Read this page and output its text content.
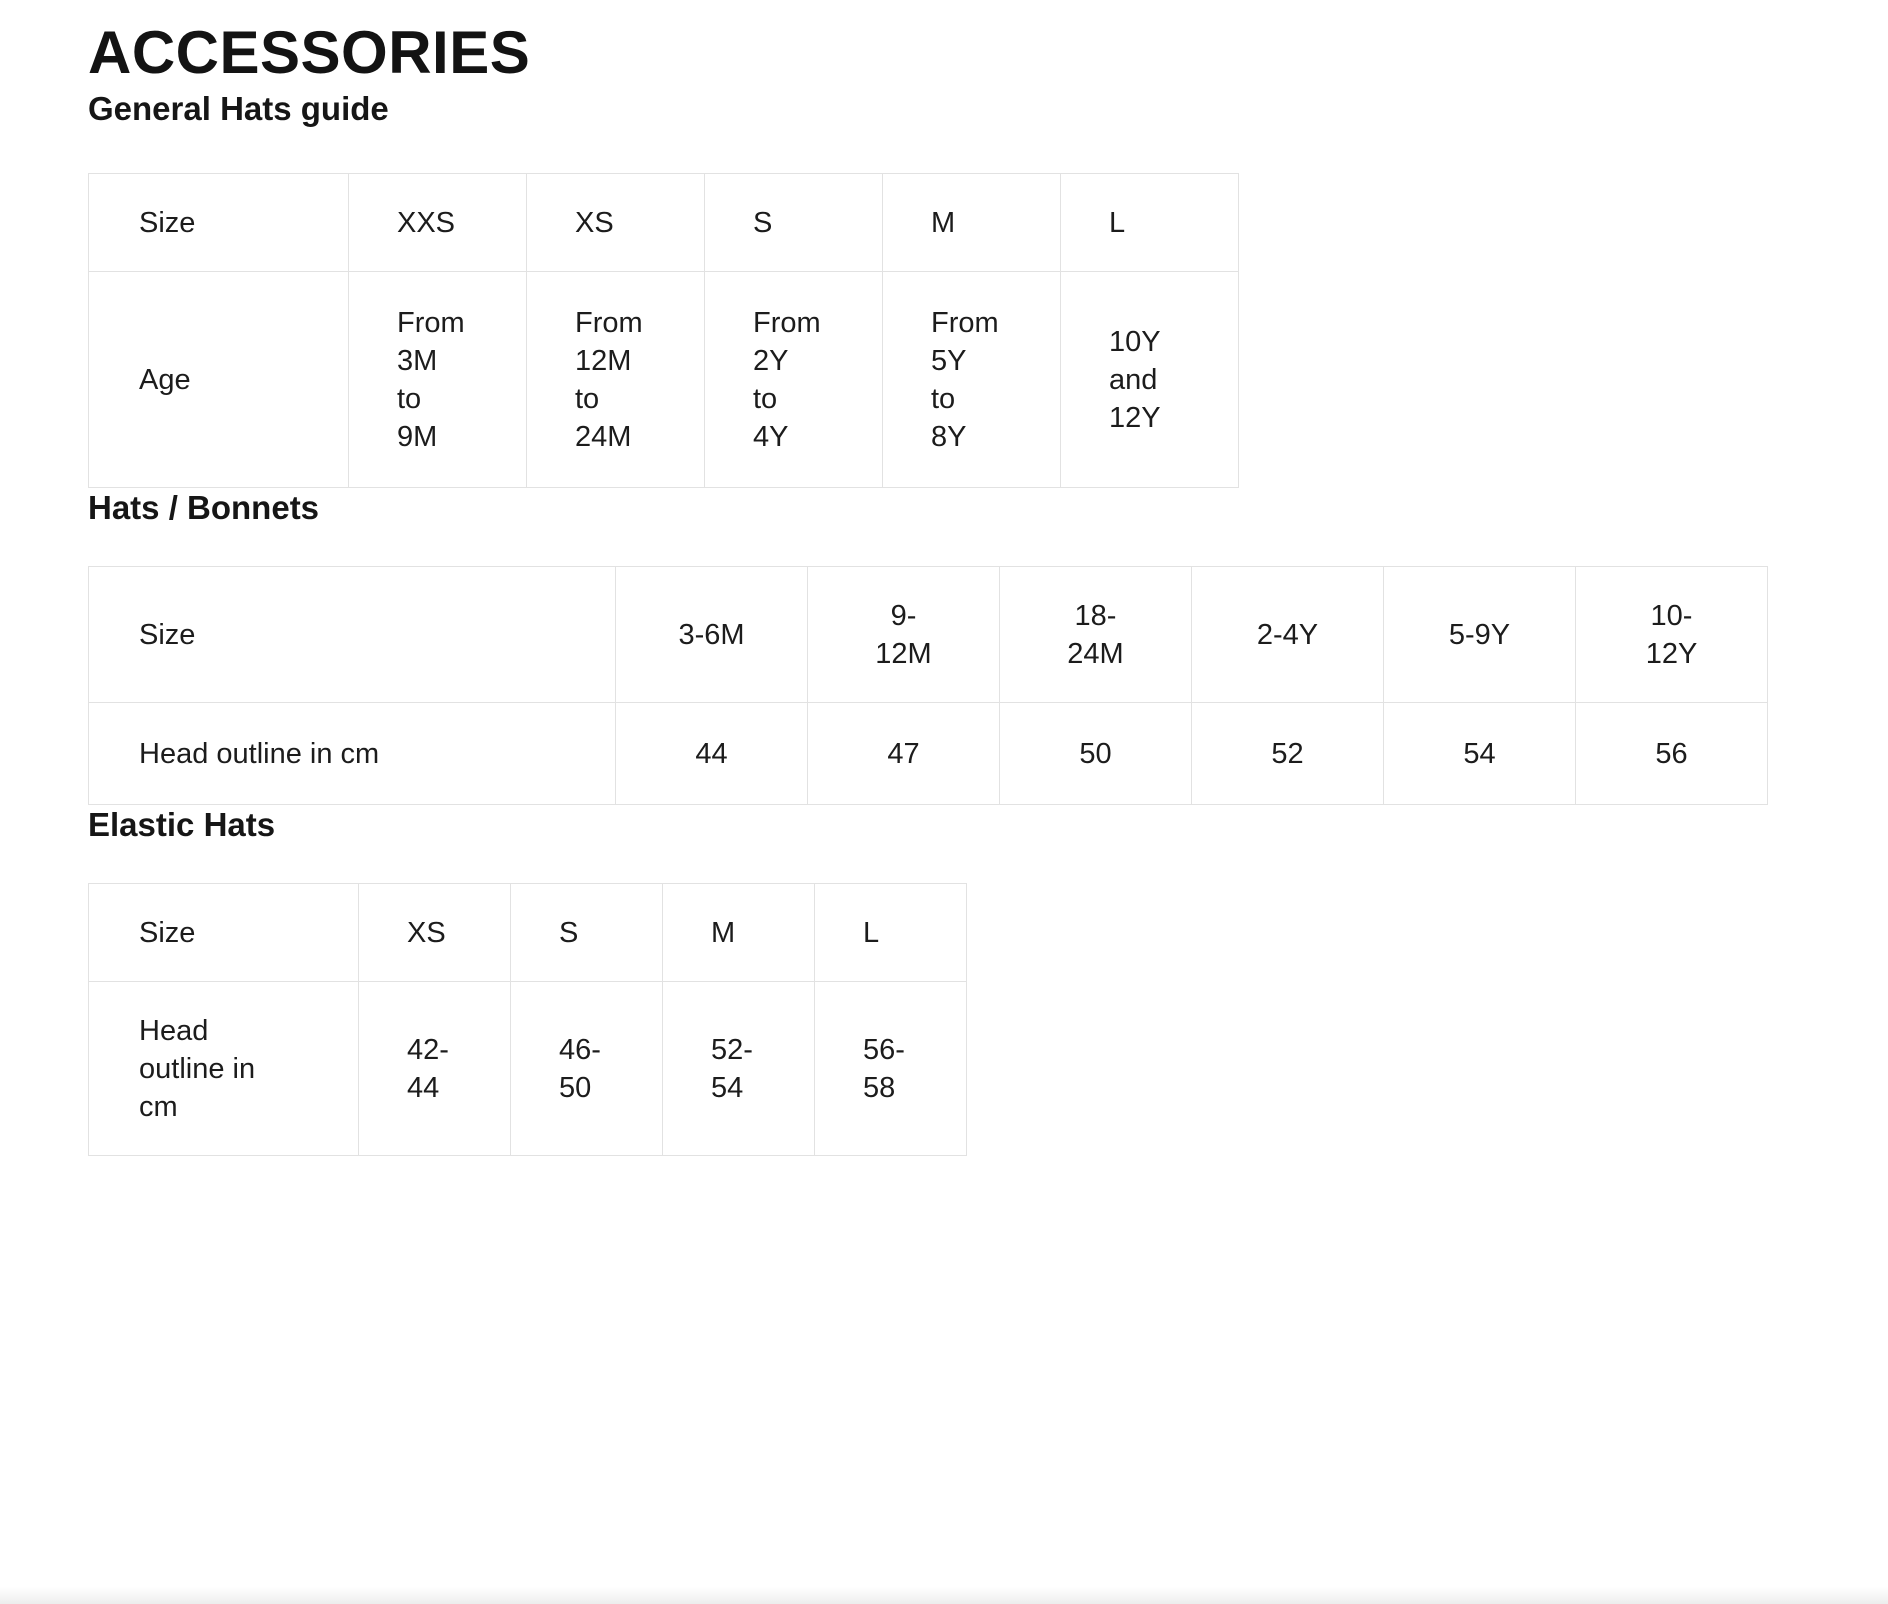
ACCESSORIES
General Hats guide
Size	XXS	XS	S	M	L
Age	From 3M to 9M	From 12M to 24M	From 2Y to 4Y	From 5Y to 8Y	10Y and 12Y
Hats / Bonnets
Size	3-6M	9-12M	18-24M	2-4Y	5-9Y	10-12Y
Head outline in cm	44	47	50	52	54	56
Elastic Hats
Size	XS	S	M	L
Head outline in cm	42-44	46-50	52-54	56-58
